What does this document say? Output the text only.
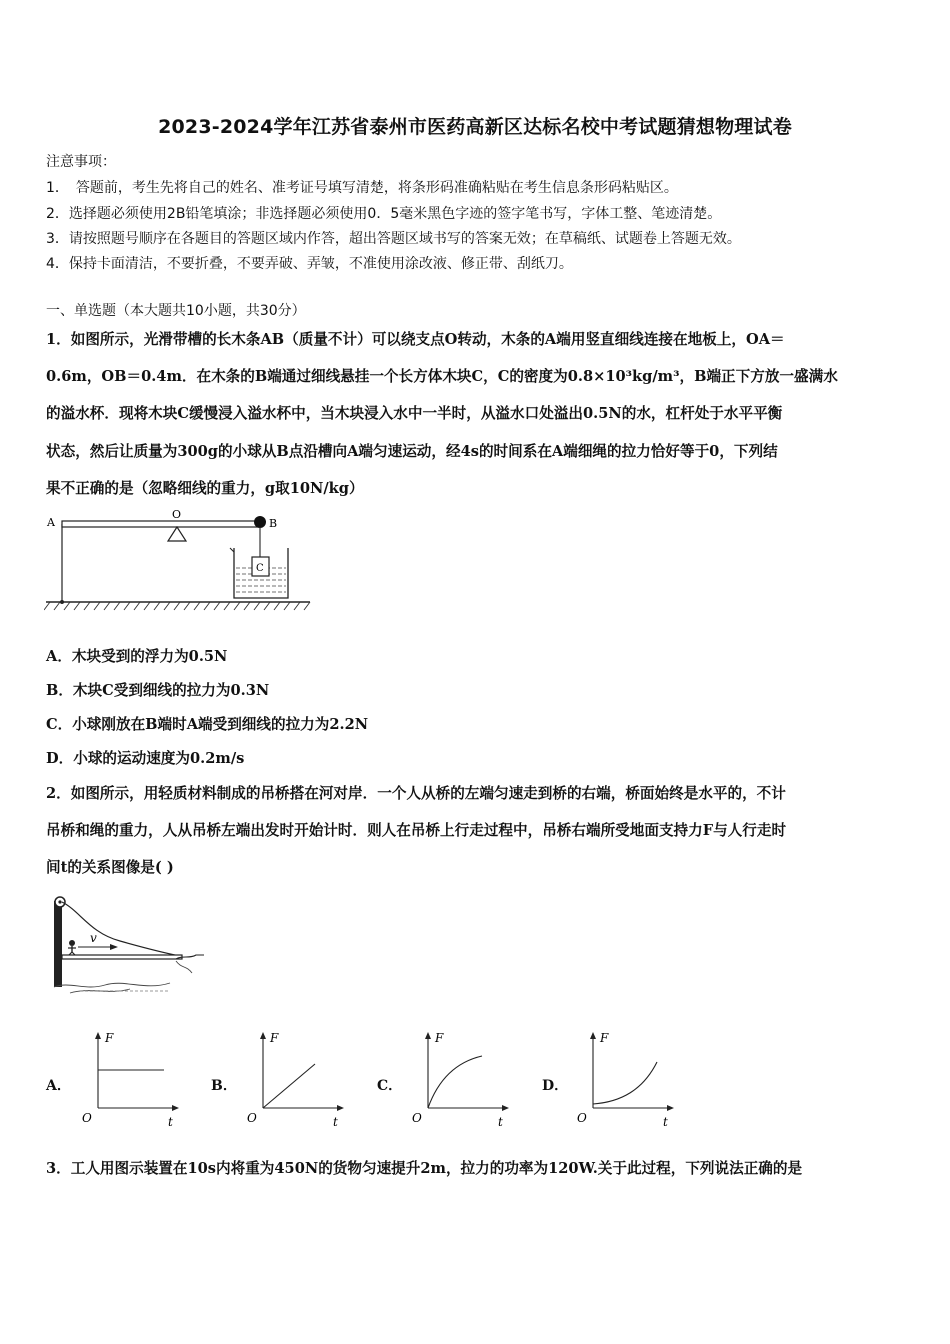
2023-2024学年江苏省泰州市医药高新区达标名校中考试题猜想物理试卷
注意事项：
1．　答题前，考生先将自己的姓名、准考证号填写清楚，将条形码准确粘贴在考生信息条形码粘贴区。
2．选择题必须使用2B铅笔填涂；非选择题必须使用0．5毫米黑色字迹的签字笔书写，字体工整、笔迹清楚。
3．请按照题号顺序在各题目的答题区域内作答，超出答题区域书写的答案无效；在草稿纸、试题卷上答题无效。
4．保持卡面清洁，不要折叠，不要弄破、弄皱，不准使用涂改液、修正带、刮纸刀。
一、单选题（本大题共10小题，共30分）
1．如图所示，光滑带槽的长木条AB（质量不计）可以绕支点O转动，木条的A端用竖直细线连接在地板上，OA＝
0.6m，OB＝0.4m．在木条的B端通过细线悬挂一个长方体木块C，C的密度为0.8×10³kg/m³，B端正下方放一盛满水
的溢水杯．现将木块C缓慢浸入溢水杯中，当木块浸入水中一半时，从溢水口处溢出0.5N的水，杠杆处于水平平衡
状态，然后让质量为300g的小球从B点沿槽向A端匀速运动，经4s的时间系在A端细绳的拉力恰好等于0，下列结
果不正确的是（忽略细线的重力，g取10N/kg）
A
O
B
C
A．木块受到的浮力为0.5N
B．木块C受到细线的拉力为0.3N
C．小球刚放在B端时A端受到细线的拉力为2.2N
D．小球的运动速度为0.2m/s
2．如图所示，用轻质材料制成的吊桥搭在河对岸．一个人从桥的左端匀速走到桥的右端，桥面始终是水平的，不计
吊桥和绳的重力，人从吊桥左端出发时开始计时．则人在吊桥上行走过程中，吊桥右端所受地面支持力F与人行走时
间t的关系图像是( )
v
A．
F
t
O
B．
F
t
O
C．
F
t
O
D．
F
t
O
3．工人用图示装置在10s内将重为450N的货物匀速提升2m，拉力的功率为120W.关于此过程，下列说法正确的是
